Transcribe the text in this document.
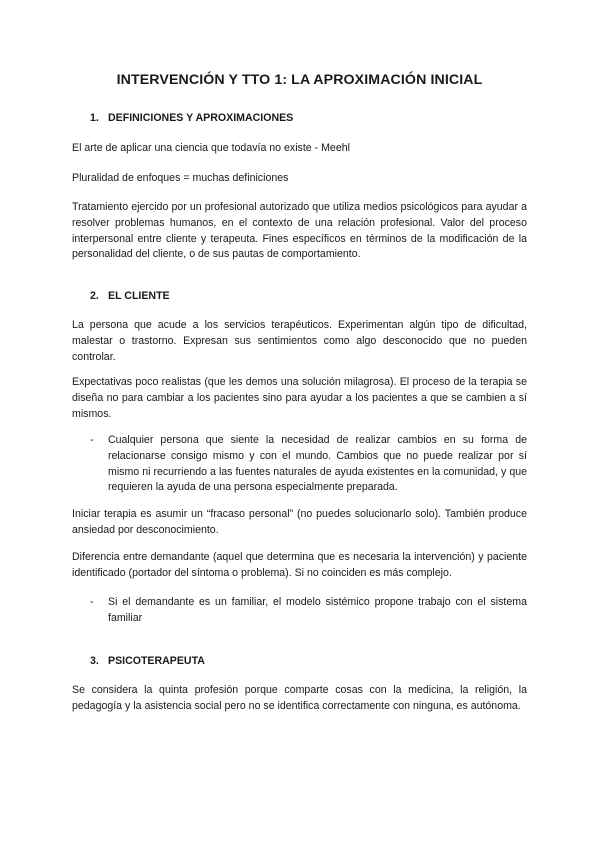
INTERVENCIÓN Y TTO 1: LA APROXIMACIÓN INICIAL
1. DEFINICIONES Y APROXIMACIONES

El arte de aplicar una ciencia que todavía no existe - Meehl

Pluralidad de enfoques = muchas definiciones

Tratamiento ejercido por un profesional autorizado que utiliza medios psicológicos para ayudar a resolver problemas humanos, en el contexto de una relación profesional. Valor del proceso interpersonal entre cliente y terapeuta. Fines específicos en términos de la modificación de la personalidad del cliente, o de sus pautas de comportamiento.

2. EL CLIENTE

La persona que acude a los servicios terapéuticos. Experimentan algún tipo de dificultad, malestar o trastorno. Expresan sus sentimientos como algo desconocido que no pueden controlar.

Expectativas poco realistas (que les demos una solución milagrosa). El proceso de la terapia se diseña no para cambiar a los pacientes sino para ayudar a los pacientes a que se cambien a sí mismos.

- Cualquier persona que siente la necesidad de realizar cambios en su forma de relacionarse consigo mismo y con el mundo. Cambios que no puede realizar por sí mismo ni recurriendo a las fuentes naturales de ayuda existentes en la comunidad, y que requieren la ayuda de una persona especialmente preparada.

Iniciar terapia es asumir un “fracaso personal” (no puedes solucionarlo solo). También produce ansiedad por desconocimiento.

Diferencia entre demandante (aquel que determina que es necesaria la intervención) y paciente identificado (portador del síntoma o problema). Si no coinciden es más complejo.

- Si el demandante es un familiar, el modelo sistémico propone trabajo con el sistema familiar
3. PSICOTERAPEUTA

Se considera la quinta profesión porque comparte cosas con la medicina, la religión, la pedagogía y la asistencia social pero no se identifica correctamente con ninguna, es autónoma.
